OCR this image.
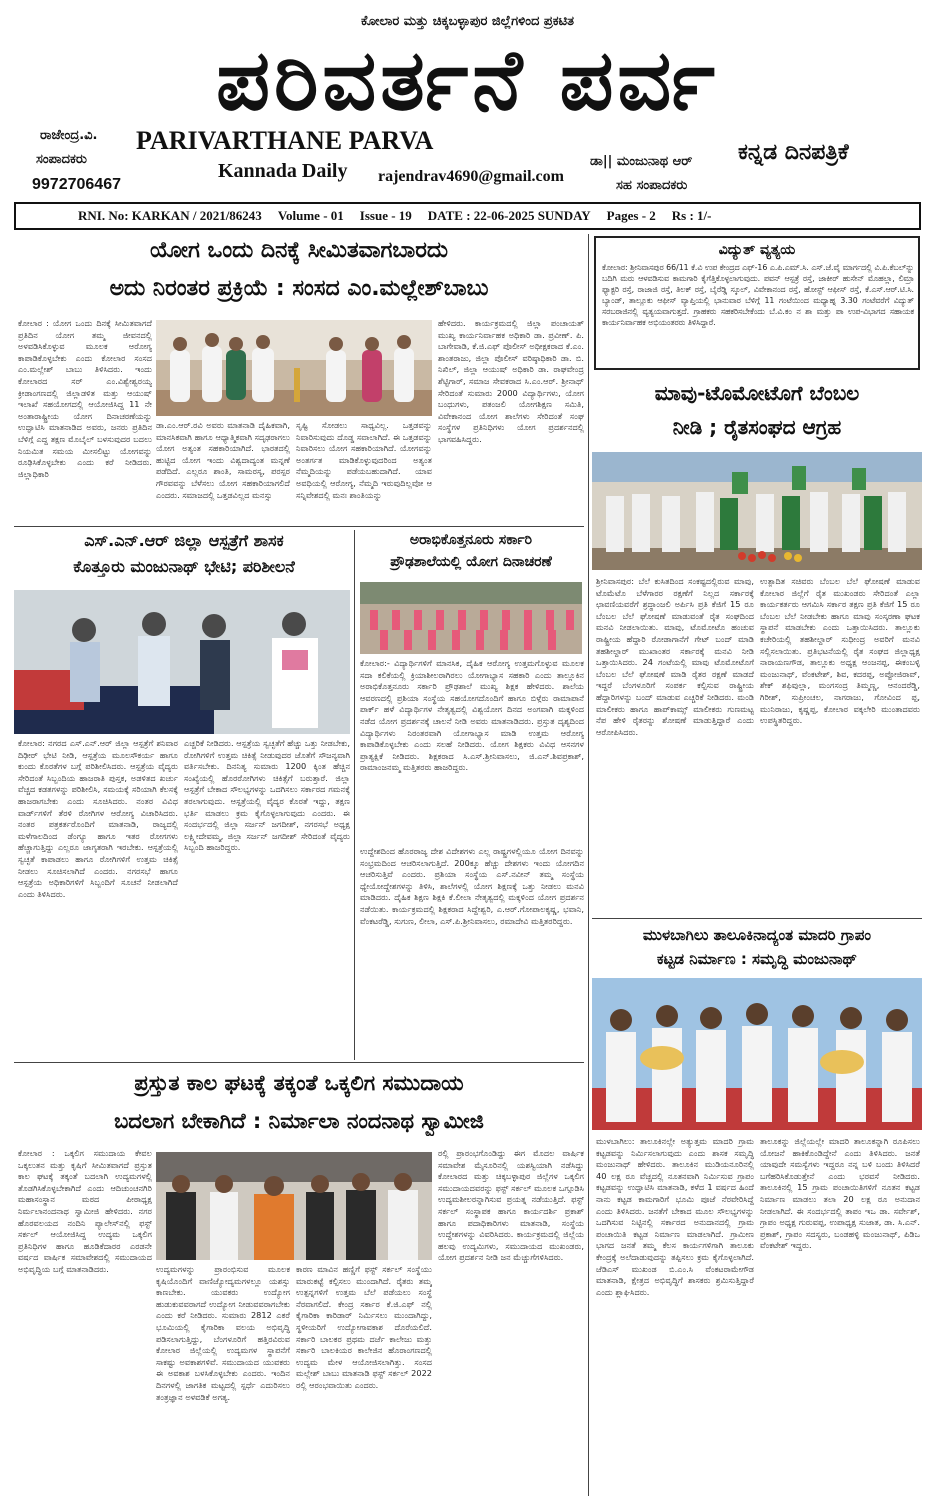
ಕೋಲಾರ ಮತ್ತು ಚಿಕ್ಕಬಳ್ಳಾಪುರ ಜಿಲ್ಲೆಗಳಿಂದ ಪ್ರಕಟಿತ
ಪರಿವರ್ತನೆ ಪರ್ವ
ರಾಜೇಂದ್ರ.ವಿ.
ಸಂಪಾದಕರು
9972706467
PARIVARTHANE PARVA
Kannada Daily rajendrav4690@gmail.com
ಡಾ|| ಮಂಜುನಾಥ ಆರ್
ಸಹ ಸಂಪಾದಕರು
ಕನ್ನಡ ದಿನಪತ್ರಿಕೆ
RNI. No: KARKAN / 2021/86243 Volume - 01 Issue - 19 DATE : 22-06-2025 SUNDAY Pages - 2 Rs : 1/-
ಯೋಗ ಒಂದು ದಿನಕ್ಕೆ ಸೀಮಿತವಾಗಬಾರದು
ಅದು ನಿರಂತರ ಪ್ರಕ್ರಿಯೆ : ಸಂಸದ ಎಂ.ಮಲ್ಲೇಶ್‌ಬಾಬು
ಕೋಲಾರ : ಯೋಗ ಒಂದು ದಿನಕ್ಕೆ ಸೀಮಿತವಾಗದೆ ಪ್ರತಿದಿನ ಯೋಗ ತಮ್ಮ ಜೀವನದಲ್ಲಿ ಅಳವಡಿಸಿಕೊಳ್ಳುವ ಮೂಲಕ ಆರೋಗ್ಯ ಕಾಪಾಡಿಕೊಳ್ಳಬೇಕು ಎಂದು ಕೋಲಾರ ಸಂಸದ ಎಂ.ಮಲ್ಲೇಶ್ ಬಾಬು ತಿಳಿಸಿದರು. ಇಂದು ಕೋಲಾರದ ಸರ್ ಎಂ.ವಿಶ್ವೇಶ್ವರಯ್ಯ ಕ್ರೀಡಾಂಗಣದಲ್ಲಿ ಜಿಲ್ಲಾಡಳಿತ ಮತ್ತು ಆಯುಷ್ ಇಲಾಖೆ ಸಹಯೋಗದಲ್ಲಿ ಆಯೋಜಿಸಿದ್ದ 11 ನೇ ಅಂತಾರಾಷ್ಟ್ರೀಯ ಯೋಗ ದಿನಾಚರಣೆಯನ್ನು ಉದ್ಘಾಟಿಸಿ ಮಾತನಾಡಿದ ಅವರು, ಜನರು ಪ್ರತಿದಿನ ಬೆಳಿಗ್ಗೆ ಎದ್ದ ತಕ್ಷಣ ಮೊಬೈಲ್ ಬಳಸುವುದರ ಬದಲು ನಿಯಮಿತ ಸಮಯ ಮೀಸಲಿಟ್ಟು ಯೋಗವನ್ನು ರೂಢಿಸಿಕೊಳ್ಳಬೇಕು ಎಂದು ಕರೆ ನೀಡಿದರು. ಜಿಲ್ಲಾಧಿಕಾರಿ
ಡಾ.ಎಂ.ಆರ್.ರವಿ ಅವರು ಮಾತನಾಡಿ ದೈಹಿಕವಾಗಿ, ಮಾನಸಿಕವಾಗಿ ಹಾಗೂ ಆಧ್ಯಾತ್ಮಿಕವಾಗಿ ಸದೃಢರಾಗಲು ಯೋಗ ಅತ್ಯಂತ ಸಹಕಾರಿಯಾಗಿದೆ. ಭಾರತದಲ್ಲಿ ಹುಟ್ಟಿದ ಯೋಗ ಇಂದು ವಿಶ್ವದಾದ್ಯಂತ ಮನ್ನಣೆ ಪಡೆದಿದೆ. ಎಲ್ಲರೂ ಶಾಂತಿ, ಸಾಮರಸ್ಯ, ಪರಸ್ಪರ ಗೌರವವನ್ನು ಬೆಳೆಸಲು ಯೋಗ ಸಹಕಾರಿಯಾಗಲಿದೆ ಎಂದರು. ಸಮಾಜದಲ್ಲಿ ಒತ್ತಡವಿಲ್ಲದ ಮನಸ್ಸು
ಸೃಷ್ಟಿ ಸೋಡಲು ಸಾಧ್ಯವಿಲ್ಲ. ಒತ್ತಡವನ್ನು ನಿವಾರಿಸುವುದು ದೊಡ್ಡ ಸವಾಲಾಗಿದೆ. ಈ ಒತ್ತಡವನ್ನು ನಿವಾರಿಸಲು ಯೋಗ ಸಹಕಾರಿಯಾಗಿದೆ. ಯೋಗವನ್ನು ಅಂತರ್ಗತ ಮಾಡಿಕೊಳ್ಳುವುದರಿಂದ ಅತ್ಯಂತ ನೆಮ್ಮದಿಯನ್ನು ಪಡೆಯಬಹುದಾಗಿದೆ. ಯಾವ ಅವಧಿಯಲ್ಲಿ ಆರೋಗ್ಯ, ನೆಮ್ಮದಿ ಇರುವುದಿಲ್ಲವೋ ಆ ಸನ್ನಿವೇಶದಲ್ಲಿ ಮನಃ ಶಾಂತಿಯನ್ನು
ಹೇಳಿದರು. ಕಾರ್ಯಕ್ರಮದಲ್ಲಿ ಜಿಲ್ಲಾ ಪಂಚಾಯತ್ ಮುಖ್ಯ ಕಾರ್ಯನಿರ್ವಾಹಕ ಅಧಿಕಾರಿ ಡಾ. ಪ್ರವೀಣ್. ಪಿ. ಬಾಗೇವಾಡಿ, ಕೆ.ಜಿ.ಎಫ್ ಪೊಲೀಸ್ ಅಧೀಕ್ಷಕರಾದ ಕೆ.ಎಂ. ಶಾಂತರಾಜು, ಜಿಲ್ಲಾ ಪೊಲೀಸ್ ವರಿಷ್ಠಾಧಿಕಾರಿ ಡಾ. ಬಿ. ನಿಖಿಲ್, ಜಿಲ್ಲಾ ಆಯುಷ್ ಅಧಿಕಾರಿ ಡಾ. ರಾಘವೇಂದ್ರ ಶೆಟ್ಟಿಗಾರ್, ಸಮಾಜ ಸೇವಕರಾದ ಸಿ.ಎಂ.ಆರ್. ಶ್ರೀನಾಥ್ ಸೇರಿದಂತೆ ಸುಮಾರು 2000 ವಿದ್ಯಾರ್ಥಿಗಳು, ಯೋಗ ಬಂಧುಗಳು, ಪತಂಜಲಿ ಯೋಗಶಿಕ್ಷಣ ಸಮಿತಿ, ವಿವೇಕಾನಂದ ಯೋಗ ಶಾಲೆಗಳು ಸೇರಿದಂತೆ ಸಂಘ ಸಂಸ್ಥೆಗಳ ಪ್ರತಿನಿಧಿಗಳು ಯೋಗ ಪ್ರದರ್ಶನದಲ್ಲಿ ಭಾಗವಹಿಸಿದ್ದರು.
ಎಸ್.ಎನ್.ಆರ್ ಜಿಲ್ಲಾ ಆಸ್ಪತ್ರೆಗೆ ಶಾಸಕ
ಕೊತ್ತೂರು ಮಂಜುನಾಥ್ ಭೇಟಿ; ಪರಿಶೀಲನೆ
ಕೋಲಾರ: ನಗರದ ಎಸ್.ಎನ್.ಆರ್ ಜಿಲ್ಲಾ ಆಸ್ಪತ್ರೆಗೆ ಶನಿವಾರ ದಿಢೀರ್ ಭೇಟಿ ನೀಡಿ, ಆಸ್ಪತ್ರೆಯ ಮೂಲಸೌಕರ್ಯ ಹಾಗೂ ಕುಂದು ಕೊರತೆಗಳ ಬಗ್ಗೆ ಪರಿಶೀಲಿಸಿದರು. ಆಸ್ಪತ್ರೆಯ ವೈದ್ಯರು ಸೇರಿದಂತೆ ಸಿಬ್ಬಂದಿಯ ಹಾಜರಾತಿ ಪುಸ್ತಕ, ಅಡಳಿತದ ಖರ್ಚು ವೆಚ್ಚದ ಕಡತಗಳನ್ನು ಪರಿಶೀಲಿಸಿ, ಸಮಯಕ್ಕೆ ಸರಿಯಾಗಿ ಕೆಲಸಕ್ಕೆ ಹಾಜರಾಗಬೇಕು ಎಂದು ಸೂಚಿಸಿದರು. ನಂತರ ವಿವಿಧ ವಾರ್ಡ್‌ಗಳಿಗೆ ತೆರಳಿ ರೋಗಿಗಳ ಆರೋಗ್ಯ ವಿಚಾರಿಸಿದರು. ನಂತರ ಪತ್ರಕರ್ತರೊಂದಿಗೆ ಮಾತನಾಡಿ, ರಾಜ್ಯದಲ್ಲಿ ಮಳೆಗಾಲದಿಂದ ಡೆಂಗ್ಯೂ ಹಾಗೂ ಇತರ ರೋಗಗಳು ಹೆಚ್ಚಾಗುತ್ತಿದ್ದು ಎಲ್ಲರೂ ಜಾಗೃತರಾಗಿ ಇರಬೇಕು. ಆಸ್ಪತ್ರೆಯಲ್ಲಿ ಸ್ವಚ್ಛತೆ ಕಾಪಾಡಲು ಹಾಗೂ ರೋಗಿಗಳಿಗೆ ಉತ್ತಮ ಚಿಕಿತ್ಸೆ ನೀಡಲು ಸೂಚಿಸಲಾಗಿದೆ ಎಂದರು. ನಗರಸಭೆ ಹಾಗೂ ಆಸ್ಪತ್ರೆಯ ಅಧಿಕಾರಿಗಳಿಗೆ ಸಿಬ್ಬಂದಿಗೆ ಸೂಚನೆ ನೀಡಲಾಗಿದೆ ಎಂದು ತಿಳಿಸಿದರು.
ಎಚ್ಚರಿಕೆ ನೀಡಿದರು. ಆಸ್ಪತ್ರೆಯ ಸ್ವಚ್ಛತೆಗೆ ಹೆಚ್ಚು ಒತ್ತು ನೀಡಬೇಕು, ರೋಗಿಗಳಿಗೆ ಉತ್ತಮ ಚಿಕಿತ್ಸೆ ನೀಡುವುದರ ಜೊತೆಗೆ ಸೌಜನ್ಯವಾಗಿ ವರ್ತಿಸಬೇಕು. ದಿನನಿತ್ಯ ಸುಮಾರು 1200 ಕ್ಕಿಂತ ಹೆಚ್ಚಿನ ಸಂಖ್ಯೆಯಲ್ಲಿ ಹೊರರೋಗಿಗಳು ಚಿಕಿತ್ಸೆಗೆ ಬರುತ್ತಾರೆ. ಜಿಲ್ಲಾ ಆಸ್ಪತ್ರೆಗೆ ಬೇಕಾದ ಸೌಲಭ್ಯಗಳನ್ನು ಒದಗಿಸಲು ಸರ್ಕಾರದ ಗಮನಕ್ಕೆ ತರಲಾಗುವುದು. ಆಸ್ಪತ್ರೆಯಲ್ಲಿ ವೈದ್ಯರ ಕೊರತೆ ಇದ್ದು, ತಕ್ಷಣ ಭರ್ತಿ ಮಾಡಲು ಕ್ರಮ ಕೈಗೊಳ್ಳಲಾಗುವುದು ಎಂದರು. ಈ ಸಂದರ್ಭದಲ್ಲಿ ಜಿಲ್ಲಾ ಸರ್ಜನ್ ಜಗದೀಶ್, ನಗರಸಭೆ ಅಧ್ಯಕ್ಷ ಲಕ್ಷ್ಮೀದೇವಮ್ಮ, ಜಿಲ್ಲಾ ಸರ್ಜನ್ ಜಗದೀಶ್ ಸೇರಿದಂತೆ ವೈದ್ಯರು ಸಿಬ್ಬಂದಿ ಹಾಜರಿದ್ದರು.
ಅರಾಭಿಕೊತ್ತನೂರು ಸರ್ಕಾರಿ
ಪ್ರೌಢಶಾಲೆಯಲ್ಲಿ ಯೋಗ ದಿನಾಚರಣೆ
ಕೋಲಾರ:- ವಿದ್ಯಾರ್ಥಿಗಳಿಗೆ ಮಾನಸಿಕ, ದೈಹಿಕ ಆರೋಗ್ಯ ಉತ್ತಮಗೊಳ್ಳುವ ಮೂಲಕ ಸದಾ ಕಲಿಕೆಯಲ್ಲಿ ಕ್ರಿಯಾಶೀಲರಾಗಿರಲು ಯೋಗಾಭ್ಯಾಸ ಸಹಕಾರಿ ಎಂದು ತಾಲ್ಲೂಕಿನ ಅರಾಭಿಕೊತ್ತನೂರು ಸರ್ಕಾರಿ ಪ್ರೌಢಶಾಲೆ ಮುಖ್ಯ ಶಿಕ್ಷಕ ಹೇಳಿದರು. ಶಾಲೆಯ ಆವರಣದಲ್ಲಿ ಪ್ರಶಿಯಾ ಸಂಸ್ಥೆಯ ಸಹಯೋಗದೊಂದಿಗೆ ಹಾಗೂ ಬಿಳ್ಗೆರು ರಾಮಾಪಾನೆ ಪಾರ್ಕ್ ಹಳೆ ವಿದ್ಯಾರ್ಥಿಗಳ ನೇತೃತ್ವದಲ್ಲಿ ವಿಶ್ವಯೋಗ ದಿನದ ಅಂಗವಾಗಿ ಮಕ್ಕಳಿಂದ ನಡೆದ ಯೋಗ ಪ್ರದರ್ಶನಕ್ಕೆ ಚಾಲನೆ ನೀಡಿ ಅವರು ಮಾತನಾಡಿದರು. ಪ್ರಸ್ತುತ ದೃಶ್ಯದಿಂದ ವಿದ್ಯಾರ್ಥಿಗಳು ನಿರಂತರವಾಗಿ ಯೋಗಾಭ್ಯಾಸ ಮಾಡಿ ಉತ್ತಮ ಆರೋಗ್ಯ ಕಾಪಾಡಿಕೊಳ್ಳಬೇಕು ಎಂದು ಸಲಹೆ ನೀಡಿದರು. ಯೋಗ ಶಿಕ್ಷಕರು ವಿವಿಧ ಆಸನಗಳ ಪ್ರಾತ್ಯಕ್ಷಿಕೆ ನೀಡಿದರು. ಶಿಕ್ಷಕರಾದ ಸಿ.ಎಸ್.ಶ್ರೀನಿವಾಸಲು, ಜಿ.ಎನ್.ಶಿವಪ್ರಕಾಶ್, ರಾಮಾಂಜನಮ್ಮ ಮತ್ತಿತರರು ಹಾಜರಿದ್ದರು.
ಉದ್ದೇಶದಿಂದ ಹೊರರಾಜ್ಯ ದೇಶ ವಿದೇಶಗಳು ಎಲ್ಲ ರಾಷ್ಟ್ರಗಳಲ್ಲಿಯೂ ಯೋಗ ದಿನವನ್ನು ಸಂಭ್ರಮದಿಂದ ಆಚರಿಸಲಾಗುತ್ತಿದೆ. 200ಕ್ಕೂ ಹೆಚ್ಚು ದೇಶಗಳು ಇಂದು ಯೋಗದಿನ ಆಚರಿಸುತ್ತಿವೆ ಎಂದರು. ಪ್ರಶಿಯಾ ಸಂಸ್ಥೆಯ ಎಸ್.ನವೀನ್ ತಮ್ಮ ಸಂಸ್ಥೆಯ ಧ್ಯೇಯೋದ್ದೇಶಗಳನ್ನು ತಿಳಿಸಿ, ಶಾಲೆಗಳಲ್ಲಿ ಯೋಗ ಶಿಕ್ಷಣಕ್ಕೆ ಒತ್ತು ನೀಡಲು ಮನವಿ ಮಾಡಿದರು. ದೈಹಿಕ ಶಿಕ್ಷಣ ಶಿಕ್ಷಕಿ ಕೆ.ಲೀಲಾ ನೇತೃತ್ವದಲ್ಲಿ ಮಕ್ಕಳಿಂದ ಯೋಗ ಪ್ರದರ್ಶನ ನಡೆಯಿತು. ಕಾರ್ಯಕ್ರಮದಲ್ಲಿ ಶಿಕ್ಷಕರಾದ ಸಿದ್ದೇಶ್ವರಿ, ಎ.ಆರ್.ಗೋಪಾಲಕೃಷ್ಣ, ಭವಾನಿ, ವೆಂಕಟರೆಡ್ಡಿ, ಸುಗುಣ, ಲೀಲಾ, ಎಸ್.ಪಿ.ಶ್ರೀನಿವಾಸಲು, ರಮಾದೇವಿ ಮತ್ತಿತರರಿದ್ದರು.
ಪ್ರಸ್ತುತ ಕಾಲ ಘಟಕ್ಕೆ ತಕ್ಕಂತೆ ಒಕ್ಕಲಿಗ ಸಮುದಾಯ
ಬದಲಾಗ ಬೇಕಾಗಿದೆ : ನಿರ್ಮಾಲಾ ನಂದನಾಥ ಸ್ವಾಮೀಜಿ
ಕೋಲಾರ : ಒಕ್ಕಲಿಗ ಸಮುದಾಯ ಕೇವಲ ಒಕ್ಕಲುತನ ಮತ್ತು ಕೃಷಿಗೆ ಸೀಮಿತವಾಗದೆ ಪ್ರಸ್ತುತ ಕಾಲ ಘಟಕ್ಕೆ ತಕ್ಕಂತೆ ಬದಲಾಗಿ ಉದ್ಯಮಗಳಲ್ಲಿ ತೊಡಗಿಸಿಕೊಳ್ಳಬೇಕಾಗಿದೆ ಎಂದು ಆದಿಚುಂಚನಗಿರಿ ಮಹಾಸಂಸ್ಥಾನ ಮಠದ ಪೀಠಾಧ್ಯಕ್ಷ ನಿರ್ಮಲಾನಂದನಾಥ ಸ್ವಾಮೀಜಿ ಹೇಳಿದರು. ನಗರ ಹೊರವಲಯದ ನಂದಿನಿ ಪ್ಯಾಲೇಸ್‌ನಲ್ಲಿ ಫಸ್ಟ್ ಸರ್ಕಲ್ ಆಯೋಜಿಸಿದ್ದ ಉದ್ಯಮ ಒಕ್ಕಲಿಗ ಪ್ರತಿನಿಧಿಗಳ ಹಾಗೂ ಹೂಡಿಕೆದಾರರ ಎರಡನೇ ವರ್ಷದ ವಾರ್ಷಿಕ ಸಮಾವೇಶದಲ್ಲಿ ಸಮುದಾಯದ ಅಭಿವೃದ್ಧಿಯ ಬಗ್ಗೆ ಮಾತನಾಡಿದರು.	ಉದ್ಯಮಗಳನ್ನು ಪ್ರಾರಂಭಿಸುವ ಮೂಲಕ ಕೃಷಿಯೊಂದಿಗೆ ವಾಣಿಜ್ಯೋದ್ಯಮಗಳಲ್ಲೂ ಯಶಸ್ಸು ಕಾಣಬೇಕು. ಯುವಕರು ಉದ್ಯೋಗ ಹುಡುಕುವವರಾಗದೆ ಉದ್ಯೋಗ ನೀಡುವವರಾಗಬೇಕು ಎಂದು ಕರೆ ನೀಡಿದರು. ಸುಮಾರು 2812 ಎಕರೆ ಭೂಮಿಯಲ್ಲಿ ಕೈಗಾರಿಕಾ ವಲಯ ಅಭಿವೃದ್ಧಿ ಪಡಿಸಲಾಗುತ್ತಿದ್ದು, ಬೆಂಗಳೂರಿಗೆ ಹತ್ತಿರವಿರುವ ಕೋಲಾರ ಜಿಲ್ಲೆಯಲ್ಲಿ ಉದ್ಯಮಗಳ ಸ್ಥಾಪನೆಗೆ ಸಾಕಷ್ಟು ಅವಕಾಶಗಳಿವೆ. ಸಮುದಾಯದ ಯುವಕರು ಈ ಅವಕಾಶ ಬಳಸಿಕೊಳ್ಳಬೇಕು ಎಂದರು. ಇಂದಿನ ದಿನಗಳಲ್ಲಿ ಜಾಗತಿಕ ಮಟ್ಟದಲ್ಲಿ ಸ್ಪರ್ಧೆ ಎದುರಿಸಲು ತಂತ್ರಜ್ಞಾನ ಅಳವಡಿಕೆ ಅಗತ್ಯ.
ಕಾರಣ ಮಾವಿನ ಹಣ್ಣಿಗೆ ಫಸ್ಟ್ ಸರ್ಕಲ್ ಸಂಸ್ಥೆಯು ಮಾರುಕಟ್ಟೆ ಕಲ್ಪಿಸಲು ಮುಂದಾಗಿದೆ. ರೈತರು ತಮ್ಮ ಉತ್ಪನ್ನಗಳಿಗೆ ಉತ್ತಮ ಬೆಲೆ ಪಡೆಯಲು ಸಂಸ್ಥೆ ನೆರವಾಗಲಿದೆ. ಕೇಂದ್ರ ಸರ್ಕಾರ ಕೆ.ಜಿ.ಎಫ್ ನಲ್ಲಿ ಕೈಗಾರಿಕಾ ಕಾರಿಡಾರ್ ನಿರ್ಮಿಸಲು ಮುಂದಾಗಿದ್ದು, ಸ್ಥಳೀಯರಿಗೆ ಉದ್ಯೋಗಾವಕಾಶ ದೊರೆಯಲಿದೆ. ಸರ್ಕಾರಿ ಬಾಲಕರ ಪ್ರಥಮ ದರ್ಜೆ ಕಾಲೇಜು ಮತ್ತು ಸರ್ಕಾರಿ ಬಾಲಕಿಯರ ಕಾಲೇಜಿನ ಹೊರಾಂಗಣದಲ್ಲಿ ಉದ್ಯಮ ಮೇಳ ಆಯೋಜಿಸಲಾಗಿತ್ತು. ಸಂಸದ ಮಲ್ಲೇಶ್ ಬಾಬು ಮಾತನಾಡಿ ಫಸ್ಟ್ ಸರ್ಕಲ್ 2022 ರಲ್ಲಿ ಆರಂಭವಾಯಿತು ಎಂದರು.
ರಲ್ಲಿ ಪ್ರಾರಂಭಗೊಂಡಿದ್ದು ಈಗ ಮೊದಲ ವಾರ್ಷಿಕ ಸಮಾವೇಶ ಮೈಸೂರಿನಲ್ಲಿ ಯಶಸ್ವಿಯಾಗಿ ನಡೆಸಿದ್ದು ಕೋಲಾರದ ಮತ್ತು ಚಿಕ್ಕಬಳ್ಳಾಪುರ ಜಿಲ್ಲೆಗಳ ಒಕ್ಕಲಿಗ ಸಮುದಾಯದವರನ್ನು ಫಸ್ಟ್ ಸರ್ಕಲ್ ಮೂಲಕ ಒಗ್ಗೂಡಿಸಿ ಉದ್ಯಮಶೀಲರನ್ನಾಗಿಸುವ ಪ್ರಯತ್ನ ನಡೆಯುತ್ತಿದೆ. ಫಸ್ಟ್ ಸರ್ಕಲ್ ಸಂಸ್ಥಾಪಕ ಹಾಗೂ ಕಾರ್ಯದರ್ಶಿ ಪ್ರಕಾಶ್ ಹಾಗೂ ಪದಾಧಿಕಾರಿಗಳು ಮಾತನಾಡಿ, ಸಂಸ್ಥೆಯ ಉದ್ದೇಶಗಳನ್ನು ವಿವರಿಸಿದರು. ಕಾರ್ಯಕ್ರಮದಲ್ಲಿ ಜಿಲ್ಲೆಯ ಹಲವು ಉದ್ಯಮಿಗಳು, ಸಮುದಾಯದ ಮುಖಂಡರು, ಯೋಗ ಪ್ರದರ್ಶನ ನೀಡಿ ಜನ ಮೆಚ್ಚುಗೆಗಳಿಸಿದರು.
ವಿದ್ಯುತ್ ವ್ಯತ್ಯಯ
ಕೋಲಾರ: ಶ್ರೀನಿವಾಸಪುರ 66/11 ಕೆ.ವಿ ಉಪ ಕೇಂದ್ರದ ಎಫ್-16 ಎ.ಪಿ.ಎಮ್.ಸಿ. ಎಸ್.ಜೆ.ವೈ ಮಾರ್ಗದಲ್ಲಿ ವಿ.ಪಿ.ಕೆಬಲ್‌ನ್ನು ಬದಿಗಿ ಮರು ಆಳವಡಿಸುವ ಕಾಮಗಾರಿ ಕೈಗೆತ್ತಿಕೊಳ್ಳಲಾಗುವುದು. ಪವನ್ ಆಸ್ಪತ್ರೆ ರಸ್ತೆ, ಜಾಕೀರ್ ಹುಸೇನ್ ಮೊಹಲ್ಲಾ, ಲಿಮ್ರಾ ಫ್ಯಾಕ್ಟರಿ ರಸ್ತೆ, ರಾಜಾಜಿ ರಸ್ತೆ, ತಿಲಕ್ ರಸ್ತೆ, ಬೈರೆಡ್ಡಿ ಸ್ಕೂಲ್, ವಿವೇಕಾನಂದ ರಸ್ತೆ, ಹೋಸ್ಟ್ ಆಫೀಸ್ ರಸ್ತೆ, ಕೆ.ಎಸ್.ಆರ್.ಟಿ.ಸಿ. ಬ್ಯಾಂಡ್, ತಾಲ್ಲೂಕು ಆಫೀಸ್ ವ್ಯಾಪ್ತಿಯಲ್ಲಿ ಭಾನುವಾರ ಬೆಳಿಗ್ಗೆ 11 ಗಂಟೆಯಿಂದ ಮಧ್ಯಾಹ್ನ 3.30 ಗಂಟೆವರೆಗೆ ವಿದ್ಯುತ್ ಸರಬರಾಜಿನಲ್ಲಿ ವ್ಯತ್ಯಯವಾಗುತ್ತದೆ. ಗ್ರಾಹಕರು ಸಹಕರಿಸಬೇಕೆಂದು ಬೆ.ವಿ.ಕಂ ನ ಶಾ ಮತ್ತು ಪಾ ಉಪ-ವಿಭಾಗದ ಸಹಾಯಕ ಕಾರ್ಯನಿರ್ವಾಹಕ ಅಭಿಯಂತರರು ತಿಳಿಸಿದ್ದಾರೆ.
ಮಾವು-ಟೊಮೋಟೊಗೆ ಬೆಂಬಲ
ನೀಡಿ ; ರೈತಸಂಘದ ಆಗ್ರಹ
ಶ್ರೀನಿವಾಸಪುರ: ಬೆಲೆ ಕುಸಿತದಿಂದ ಸಂಕಷ್ಟದಲ್ಲಿರುವ ಮಾವು, ಟೊಮೆಟೊ ಬೆಳೆಗಾರರ ರಕ್ಷಣೆಗೆ ನಿಲ್ಲದ ಸರ್ಕಾರಕ್ಕೆ ಛಾವಣಿಯವರೆಗೆ ಶ್ರದ್ಧಾಂಜಲಿ ಅರ್ಪಿಸಿ ಪ್ರತಿ ಕೆಜಿಗೆ 15 ರೂ ಬೆಂಬಲ ಬೆಲೆ ಘೋಷಣೆ ಮಾಡುವಂತೆ ರೈತ ಸಂಘದಿಂದ ಮನವಿ ನೀಡಲಾಯಿತು. ಮಾವು, ಟೊಮೋಟೊ ಹಂಚುವ ರಾಷ್ಟ್ರೀಯ ಹೆದ್ದಾರಿ ರೋಡಾಗಾನೆಗೆ ಗೇಟ್ ಬಂದ್ ಮಾಡಿ ತಹಶೀಲ್ದಾರ್ ಮುಖಾಂತರ ಸರ್ಕಾರಕ್ಕೆ ಮನವಿ ನೀಡಿ ಒತ್ತಾಯಿಸಿದರು. 24 ಗಂಟೆಯಲ್ಲಿ ಮಾವು ಟೊಮೋಟೊಗೆ ಬೆಂಬಲ ಬೆಲೆ ಘೋಷಣೆ ಮಾಡಿ ರೈತರ ರಕ್ಷಣೆ ಮಾಡದೆ ಇದ್ದರೆ ಬೆಂಗಳೂರಿಗೆ ಸಂಪರ್ಕ ಕಲ್ಪಿಸುವ ರಾಷ್ಟ್ರೀಯ ಹೆದ್ದಾರಿಗಳನ್ನು ಬಂದ್ ಮಾಡುವ ಎಚ್ಚರಿಕೆ ನೀಡಿದರು. ಮಂಡಿ ಮಾಲೀಕರು ಹಾಗೂ ಹಾಪ್‌ಕಾಮ್ಸ್ ಮಾಲೀಕರು ಗುಣಮಟ್ಟ ನೆಪ ಹೇಳಿ ರೈತರನ್ನು ಶೋಷಣೆ ಮಾಡುತ್ತಿದ್ದಾರೆ ಎಂದು ಆರೋಪಿಸಿದರು.
ಉತ್ಪಾದಿತ ಸಚಿವರು ಬೆಂಬಲ ಬೆಲೆ ಘೋಷಣೆ ಮಾಡುವ ಕೋಲಾರ ಜಿಲ್ಲೆಗೆ ರೈತ ಮುಖಂಡರು ಸೇರಿದಂತೆ ಎಲ್ಲಾ ಕಾರ್ಯಕರ್ತರು ಆಗಮಿಸಿ ಸರ್ಕಾರ ತಕ್ಷಣ ಪ್ರತಿ ಕೆಜಿಗೆ 15 ರೂ ಬೆಂಬಲ ಬೆಲೆ ನೀಡಬೇಕು ಹಾಗೂ ಮಾವು ಸಂಸ್ಕರಣಾ ಘಟಕ ಸ್ಥಾಪನೆ ಮಾಡಬೇಕು ಎಂದು ಒತ್ತಾಯಿಸಿದರು. ತಾಲ್ಲೂಕು ಕಚೇರಿಯಲ್ಲಿ ತಹಶೀಲ್ದಾರ್ ಸುಧೀಂದ್ರ ಅವರಿಗೆ ಮನವಿ ಸಲ್ಲಿಸಲಾಯಿತು. ಪ್ರತಿಭಟನೆಯಲ್ಲಿ ರೈತ ಸಂಘದ ಜಿಲ್ಲಾಧ್ಯಕ್ಷ ನಾರಾಯಣಗೌಡ, ತಾಲ್ಲೂಕು ಅಧ್ಯಕ್ಷ ಆಂಜನಪ್ಪ, ಈಕಂಬಳ್ಳಿ ಮಂಜುನಾಥ್, ವೆಂಕಟೇಶ್, ಶಿವ, ಕದರಪ್ಪ, ಅಪ್ಪೋಜಿರಾವ್, ಶೇಕ್ ಶಫಿವುಲ್ಲಾ, ಮಂಗಸಂದ್ರ ತಿಮ್ಮಣ್ಣ, ಆನಂದರೆಡ್ಡಿ, ಗಿರೀಶ್, ಸುಪ್ರೀಂಚಲ, ನಾಗರಾಜು, ಗೋವಿಂದ ಪ್ಪ, ಮುನಿರಾಜು, ಕೃಷ್ಣಪ್ಪ, ಕೋಲಾರ ವಕ್ಕಲೇರಿ ಮುಂತಾದವರು ಉಪಸ್ಥಿತರಿದ್ದರು.
ಮುಳಬಾಗಿಲು ತಾಲೂಕಿನಾದ್ಯಂತ ಮಾದರಿ ಗ್ರಾಪಂ
ಕಟ್ಟಡ ನಿರ್ಮಾಣ : ಸಮೃದ್ಧಿ ಮಂಜುನಾಥ್
ಮುಳಬಾಗಿಲು: ತಾಲೂಕಿನಲ್ಲೇ ಅತ್ಯುತ್ತಮ ಮಾದರಿ ಗ್ರಾಮ ಕಟ್ಟಡವನ್ನು ನಿರ್ಮಿಸಲಾಗುವುದು ಎಂದು ಶಾಸಕ ಸಮೃದ್ಧಿ ಮಂಜುನಾಥ್ ಹೇಳಿದರು. ತಾಲೂಕಿನ ಮುಡಿಯನೂರಿನಲ್ಲಿ 40 ಲಕ್ಷ ರೂ ವೆಚ್ಚದಲ್ಲಿ ನೂತನವಾಗಿ ನಿರ್ಮಿಸುವ ಗ್ರಾಪಂ ಕಟ್ಟಡವನ್ನು ಉದ್ಘಾಟಿಸಿ ಮಾತನಾಡಿ, ಕಳೆದ 1 ವರ್ಷದ ಹಿಂದೆ ನಾನು ಕಟ್ಟಡ ಕಾಮಗಾರಿಗೆ ಭೂಮಿ ಪೂಜೆ ನೆರವೇರಿಸಿದ್ದೆ ಎಂದು ತಿಳಿಸಿದರು. ಜನತೆಗೆ ಬೇಕಾದ ಮೂಲ ಸೌಲಭ್ಯಗಳನ್ನು ಒದಗಿಸುವ ನಿಟ್ಟಿನಲ್ಲಿ ಸರ್ಕಾರದ ಅನುದಾನದಲ್ಲಿ ಗ್ರಾಮ ಪಂಚಾಯಿತಿ ಕಟ್ಟಡ ನಿರ್ಮಾಣ ಮಾಡಲಾಗಿದೆ. ಗ್ರಾಮೀಣ ಭಾಗದ ಜನತೆ ತಮ್ಮ ಕೆಲಸ ಕಾರ್ಯಗಳಿಗಾಗಿ ತಾಲೂಕು ಕೇಂದ್ರಕ್ಕೆ ಅಲೆದಾಡುವುದನ್ನು ತಪ್ಪಿಸಲು ಕ್ರಮ ಕೈಗೊಳ್ಳಲಾಗಿದೆ. ಜೆಡಿಎಸ್ ಮುಖಂಡ ಬಿ.ಎಂ.ಸಿ ವೆಂಕಟರಾಮೇಗೌಡ ಮಾತನಾಡಿ, ಕ್ಷೇತ್ರದ ಅಭಿವೃದ್ಧಿಗೆ ಶಾಸಕರು ಶ್ರಮಿಸುತ್ತಿದ್ದಾರೆ ಎಂದು ಶ್ಲಾಘಿಸಿದರು.
ತಾಲೂಕನ್ನು ಜಿಲ್ಲೆಯಲ್ಲೇ ಮಾದರಿ ತಾಲೂಕನ್ನಾಗಿ ರೂಪಿಸಲು ಯೋಜನೆ ಹಾಕಿಕೊಂಡಿದ್ದೇನೆ ಎಂದು ತಿಳಿಸಿದರು. ಜನತೆ ಯಾವುದೇ ಸಮಸ್ಯೆಗಳು ಇದ್ದರೂ ನನ್ನ ಬಳಿ ಬಂದು ತಿಳಿಸಿದರೆ ಬಗೆಹರಿಸಿಕೊಡುತ್ತೇನೆ ಎಂದು ಭರವಸೆ ನೀಡಿದರು. ತಾಲೂಕಿನಲ್ಲಿ 15 ಗ್ರಾಮ ಪಂಚಾಯಿತಿಗಳಿಗೆ ನೂತನ ಕಟ್ಟಡ ನಿರ್ಮಾಣ ಮಾಡಲು ತಲಾ 20 ಲಕ್ಷ ರೂ ಅನುದಾನ ನೀಡಲಾಗಿದೆ. ಈ ಸಂದರ್ಭದಲ್ಲಿ ತಾಪಂ ಇಒ ಡಾ. ಸರ್ವೇಶ್, ಗ್ರಾಪಂ ಅಧ್ಯಕ್ಷ ಗುರುವಪ್ಪ, ಉಪಾಧ್ಯಕ್ಷ ಸುಜಾತ, ಡಾ. ಸಿ.ಎನ್. ಪ್ರಕಾಶ್, ಗ್ರಾಪಂ ಸದಸ್ಯರು, ಬಂಡಹಳ್ಳಿ ಮಂಜುನಾಥ್, ಪಿಡಿಒ ವೆಂಕಟೇಶ್ ಇದ್ದರು.
